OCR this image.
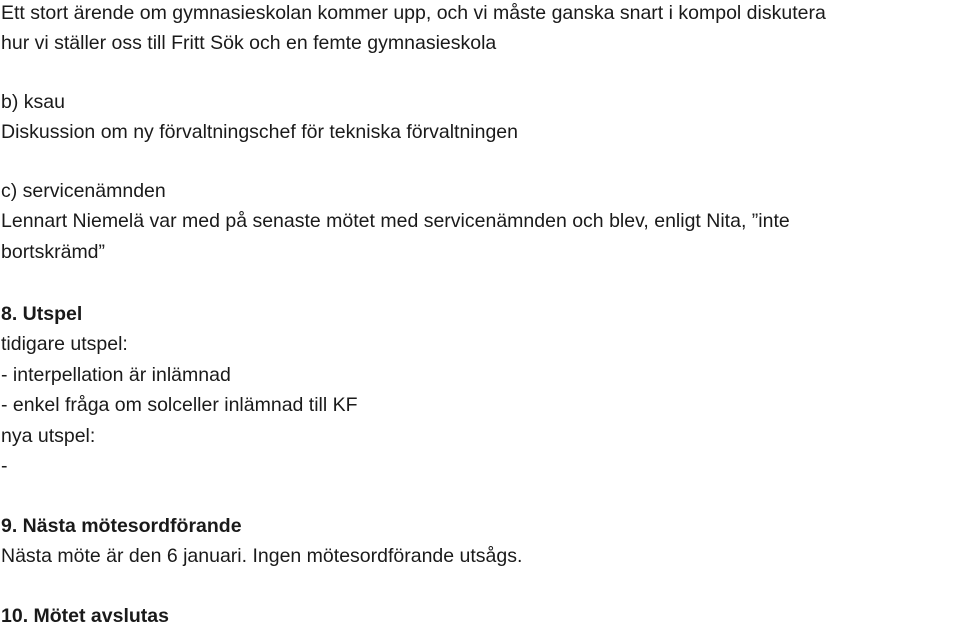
Ett stort ärende om gymnasieskolan kommer upp, och vi måste ganska snart i kompol diskutera
hur vi ställer oss till Fritt Sök och en femte gymnasieskola
b) ksau
Diskussion om ny förvaltningschef för tekniska förvaltningen
c) servicenämnden
Lennart Niemelä var med på senaste mötet med servicenämnden och blev, enligt Nita, ”inte
bortskrämd”
8. Utspel
tidigare utspel:
- interpellation är inlämnad
- enkel fråga om solceller inlämnad till KF
nya utspel:
-
9. Nästa mötesordförande
Nästa möte är den 6 januari. Ingen mötesordförande utsågs.
10. Mötet avslutas
